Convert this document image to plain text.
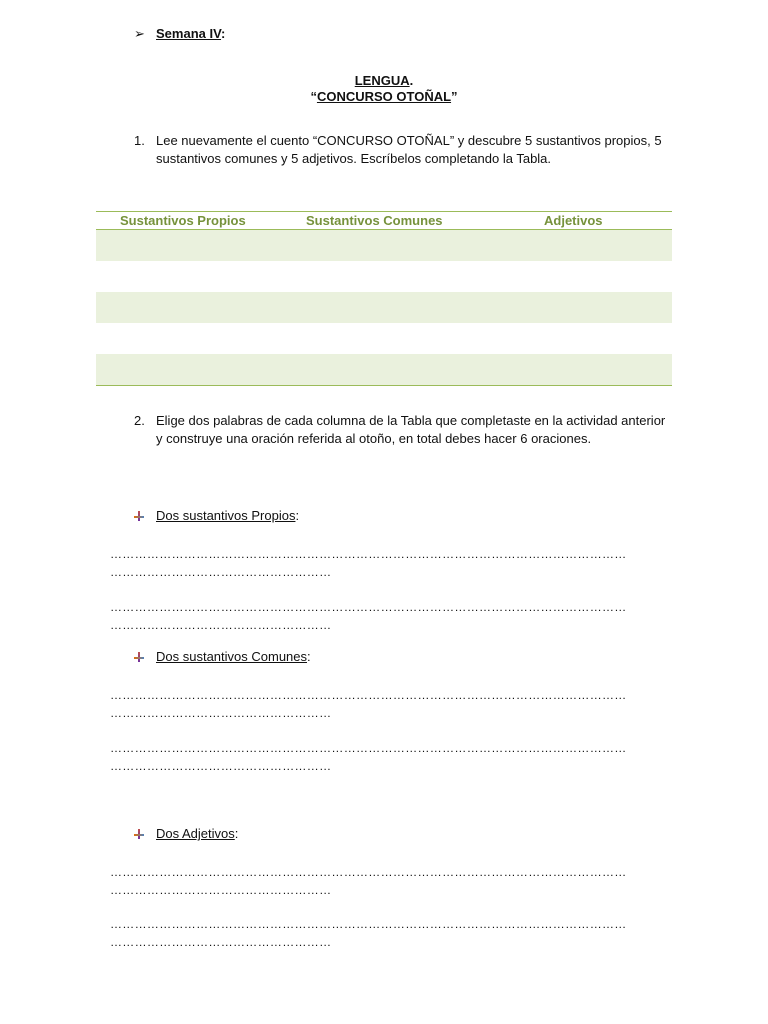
➢ Semana IV:
LENGUA.
“CONCURSO OTOÑAL”
1. Lee nuevamente el cuento “CONCURSO OTOÑAL” y descubre 5 sustantivos propios, 5 sustantivos comunes y 5 adjetivos. Escríbelos completando la Tabla.
Sustantivos Propios	Sustantivos Comunes	Adjetivos

2. Elige dos palabras de cada columna de la Tabla que completaste en la actividad anterior y construye una oración referida al otoño, en total debes hacer 6 oraciones.
Dos sustantivos Propios:
………………………………………………………………………………………………………………
………………………………………………
………………………………………………………………………………………………………………
………………………………………………
Dos sustantivos Comunes:
………………………………………………………………………………………………………………
………………………………………………
………………………………………………………………………………………………………………
………………………………………………
Dos Adjetivos:
………………………………………………………………………………………………………………
………………………………………………
………………………………………………………………………………………………………………
………………………………………………
